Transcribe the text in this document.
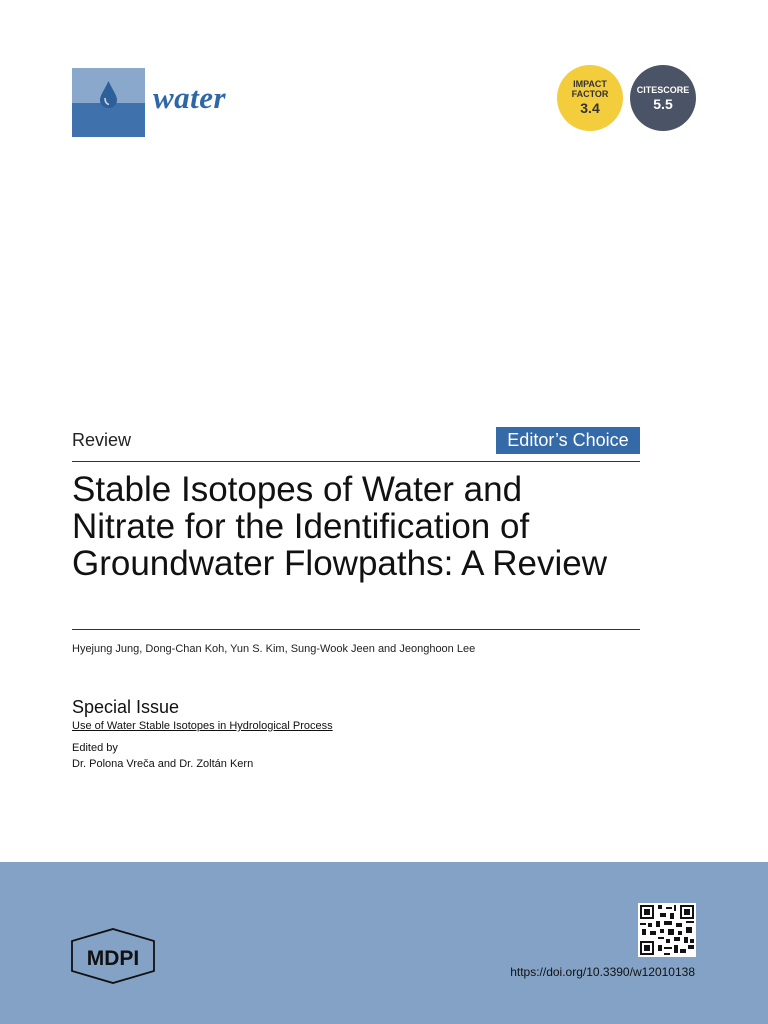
water	IMPACT
FACTOR
3.4
CITESCORE
5.5
Review	Editor’s Choice
Stable Isotopes of Water and
Nitrate for the Identification of
Groundwater Flowpaths: A Review
Hyejung Jung, Dong-Chan Koh, Yun S. Kim, Sung-Wook Jeen and Jeonghoon Lee
Special Issue
Use of Water Stable Isotopes in Hydrological Process
Edited by
Dr. Polona Vreča and Dr. Zoltán Kern
MDPI
https://doi.org/10.3390/w12010138
